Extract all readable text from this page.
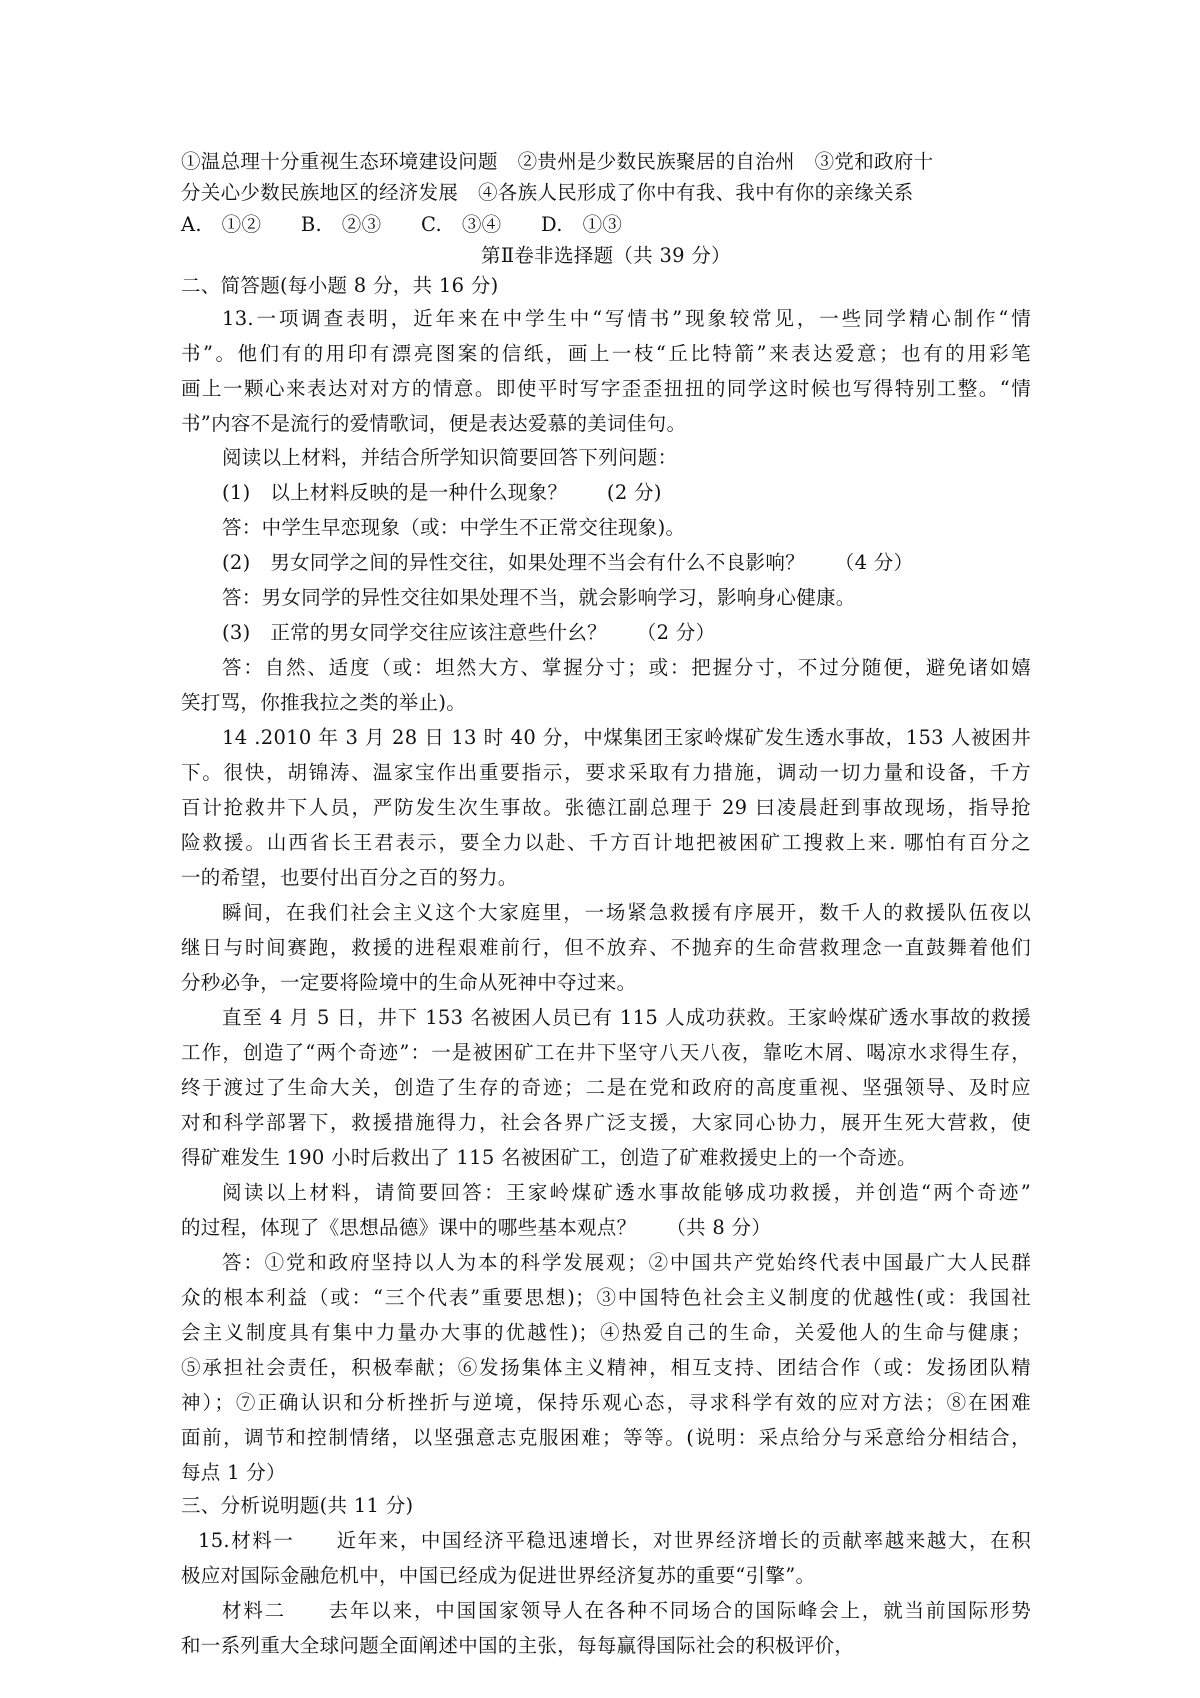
①温总理十分重视生态环境建设问题　②贵州是少数民族聚居的自治州　③党和政府十
分关心少数民族地区的经济发展　④各族人民形成了你中有我、我中有你的亲缘关系
A.　①②　　B.　②③　　C.　③④　　D.　①③
第Ⅱ卷非选择题（共 39 分）
二、简答题(每小题 8 分，共 16 分)
13.一项调查表明，近年来在中学生中“写情书”现象较常见，一些同学精心制作“情
书”。他们有的用印有漂亮图案的信纸，画上一枝“丘比特箭”来表达爱意；也有的用彩笔
画上一颗心来表达对对方的情意。即使平时写字歪歪扭扭的同学这时候也写得特别工整。“情
书”内容不是流行的爱情歌词，便是表达爱慕的美词佳句。
阅读以上材料，并结合所学知识简要回答下列问题：
(1)　以上材料反映的是一种什么现象？　　(2 分)
答：中学生早恋现象（或：中学生不正常交往现象)。
(2)　男女同学之间的异性交往，如果处理不当会有什么不良影响？　　（4 分）
答：男女同学的异性交往如果处理不当，就会影响学习，影响身心健康。
(3)　正常的男女同学交往应该注意些什幺？　　（2 分）
答：自然、适度（或：坦然大方、掌握分寸；或：把握分寸，不过分随便，避免诸如嬉
笑打骂，你推我拉之类的举止)。
14 .2010 年 3 月 28 日 13 时 40 分，中煤集团王家岭煤矿发生透水事故，153 人被困井
下。很快，胡锦涛、温家宝作出重要指示，要求采取有力措施，调动一切力量和设备，千方
百计抢救井下人员，严防发生次生事故。张德江副总理于 29 曰凌晨赶到事故现场，指导抢
险救援。山西省长王君表示，要全力以赴、千方百计地把被困矿工搜救上来. 哪怕有百分之
一的希望，也要付出百分之百的努力。
瞬间，在我们社会主义这个大家庭里，一场紧急救援有序展开，数千人的救援队伍夜以
继日与时间赛跑，救援的进程艰难前行，但不放弃、不抛弃的生命营救理念一直鼓舞着他们
分秒必争，一定要将险境中的生命从死神中夺过来。
直至 4 月 5 日，井下 153 名被困人员已有 115 人成功获救。王家岭煤矿透水事故的救援
工作，创造了“两个奇迹”：一是被困矿工在井下坚守八天八夜，靠吃木屑、喝凉水求得生存，
终于渡过了生命大关，创造了生存的奇迹；二是在党和政府的高度重视、坚强领导、及时应
对和科学部署下，救援措施得力，社会各界广泛支援，大家同心协力，展开生死大营救，使
得矿难发生 190 小时后救出了 115 名被困矿工，创造了矿难救援史上的一个奇迹。
阅读以上材料，请简要回答：王家岭煤矿透水事故能够成功救援，并创造“两个奇迹”
的过程，体现了《思想品德》课中的哪些基本观点？　　（共 8 分）
答：①党和政府坚持以人为本的科学发展观；②中国共产党始终代表中国最广大人民群
众的根本利益（或：“三个代表”重要思想)；③中国特色社会主义制度的优越性(或：我国社
会主义制度具有集中力量办大事的优越性)；④热爱自己的生命，关爱他人的生命与健康；
⑤承担社会责任，积极奉献；⑥发扬集体主义精神，相互支持、团结合作（或：发扬团队精
神）；⑦正确认识和分析挫折与逆境，保持乐观心态，寻求科学有效的应对方法；⑧在困难
面前，调节和控制情绪，以坚强意志克服困难；等等。(说明：采点给分与采意给分相结合，
每点 1 分）
三、分析说明题(共 11 分)
15.材料一　　近年来，中国经济平稳迅速增长，对世界经济增长的贡献率越来越大，在积
极应对国际金融危机中，中国已经成为促进世界经济复苏的重要“引擎”。
材料二　　去年以来，中国国家领导人在各种不同场合的国际峰会上，就当前国际形势
和一系列重大全球问题全面阐述中国的主张，每每赢得国际社会的积极评价，
